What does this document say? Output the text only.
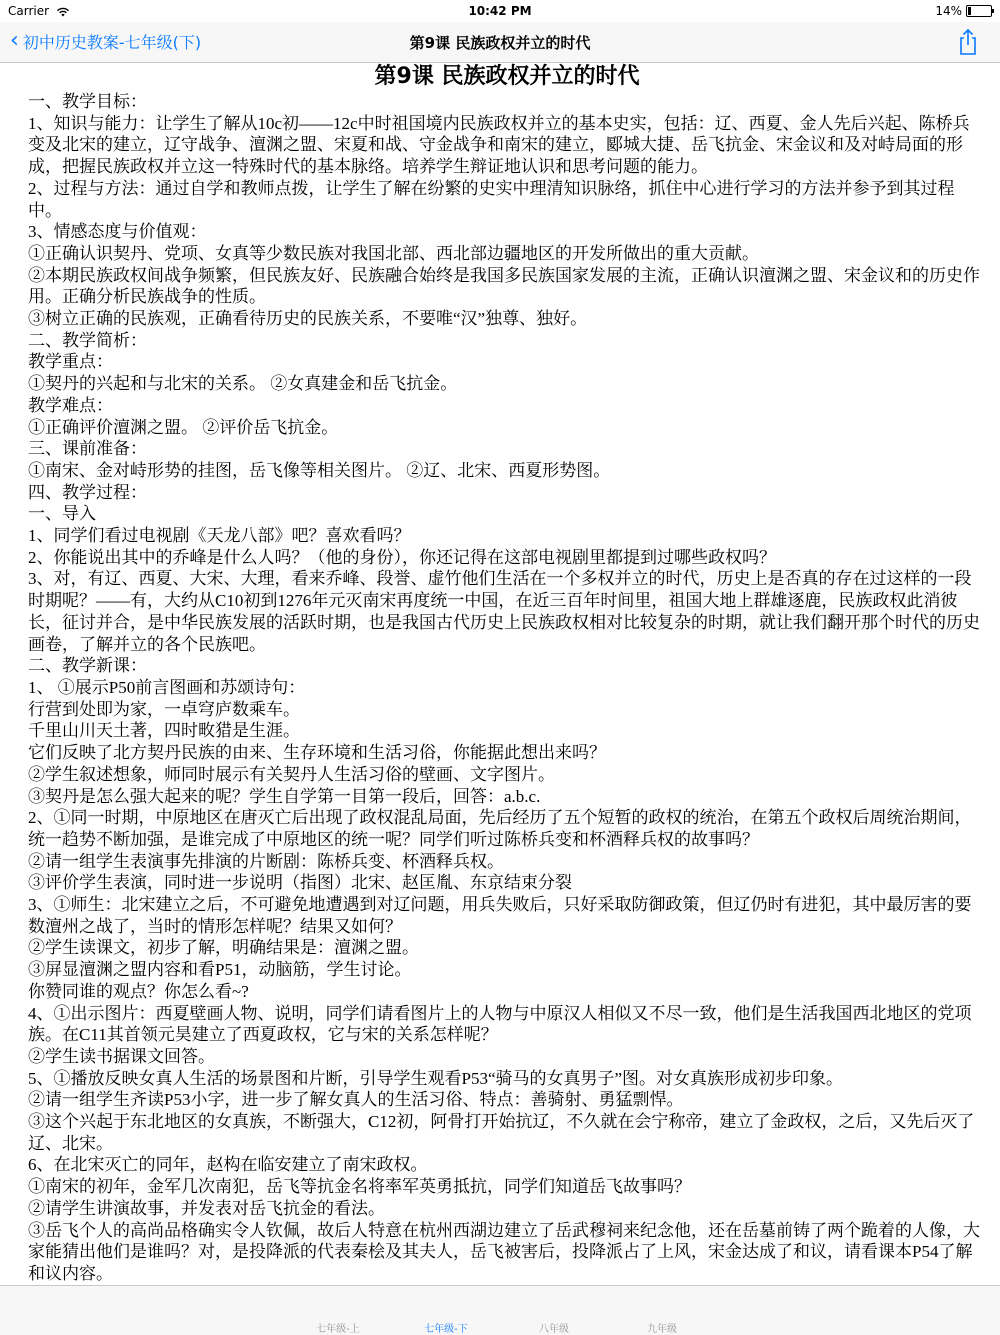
Carrier	10:42 PM	14%
‹ 初中历史教案-七年级(下)	第9课 民族政权并立的时代
第9课 民族政权并立的时代

一、教学目标：

1、知识与能力：让学生了解从10c初——12c中时祖国境内民族政权并立的基本史实，包括：辽、西夏、金人先后兴起、陈桥兵变及北宋的建立，辽守战争、澶渊之盟、宋夏和战、守金战争和南宋的建立，郾城大捷、岳飞抗金、宋金议和及对峙局面的形成，把握民族政权并立这一特殊时代的基本脉络。培养学生辩证地认识和思考问题的能力。

2、过程与方法：通过自学和教师点拨，让学生了解在纷繁的史实中理清知识脉络，抓住中心进行学习的方法并参予到其过程中。

3、情感态度与价值观：

①正确认识契丹、党项、女真等少数民族对我国北部、西北部边疆地区的开发所做出的重大贡献。

②本期民族政权间战争频繁，但民族友好、民族融合始终是我国多民族国家发展的主流，正确认识澶渊之盟、宋金议和的历史作用。正确分析民族战争的性质。

③树立正确的民族观，正确看待历史的民族关系，不要唯“汉”独尊、独好。

二、教学简析：

教学重点：

①契丹的兴起和与北宋的关系。 ②女真建金和岳飞抗金。

教学难点：

①正确评价澶渊之盟。 ②评价岳飞抗金。

三、课前准备：

①南宋、金对峙形势的挂图，岳飞像等相关图片。 ②辽、北宋、西夏形势图。

四、教学过程：

一、导入

1、同学们看过电视剧《天龙八部》吧？喜欢看吗？

2、你能说出其中的乔峰是什么人吗？（他的身份），你还记得在这部电视剧里都提到过哪些政权吗？

3、对，有辽、西夏、大宋、大理，看来乔峰、段誉、虚竹他们生活在一个多权并立的时代，历史上是否真的存在过这样的一段时期呢？——有，大约从C10初到1276年元灭南宋再度统一中国，在近三百年时间里，祖国大地上群雄逐鹿，民族政权此消彼长，征讨并合，是中华民族发展的活跃时期，也是我国古代历史上民族政权相对比较复杂的时期，就让我们翻开那个时代的历史画卷，了解并立的各个民族吧。

二、教学新课：

1、 ①展示P50前言图画和苏颂诗句：

行营到处即为家，一卓穹庐数乘车。

千里山川天土著，四时畋猎是生涯。

它们反映了北方契丹民族的由来、生存环境和生活习俗，你能据此想出来吗？

②学生叙述想象，师同时展示有关契丹人生活习俗的壁画、文字图片。

③契丹是怎么强大起来的呢？学生自学第一目第一段后，回答：a.b.c.

2、①同一时期，中原地区在唐灭亡后出现了政权混乱局面，先后经历了五个短暂的政权的统治，在第五个政权后周统治期间，统一趋势不断加强，是谁完成了中原地区的统一呢？同学们听过陈桥兵变和杯酒释兵权的故事吗？

②请一组学生表演事先排演的片断剧：陈桥兵变、杯酒释兵权。

③评价学生表演，同时进一步说明（指图）北宋、赵匡胤、东京结束分裂

3、①师生：北宋建立之后，不可避免地遭遇到对辽问题，用兵失败后，只好采取防御政策，但辽仍时有进犯，其中最厉害的要数澶州之战了，当时的情形怎样呢？结果又如何？

②学生读课文，初步了解，明确结果是：澶渊之盟。

③屏显澶渊之盟内容和看P51，动脑筋，学生讨论。

你赞同谁的观点？你怎么看~?

4、①出示图片：西夏壁画人物、说明，同学们请看图片上的人物与中原汉人相似又不尽一致，他们是生活我国西北地区的党项族。在C11其首领元昊建立了西夏政权，它与宋的关系怎样呢？

②学生读书据课文回答。

5、①播放反映女真人生活的场景图和片断，引导学生观看P53“骑马的女真男子”图。对女真族形成初步印象。

②请一组学生齐读P53小字，进一步了解女真人的生活习俗、特点：善骑射、勇猛剽悍。

③这个兴起于东北地区的女真族，不断强大，C12初，阿骨打开始抗辽，不久就在会宁称帝，建立了金政权，之后，又先后灭了辽、北宋。

6、在北宋灭亡的同年，赵构在临安建立了南宋政权。

①南宋的初年，金军几次南犯，岳飞等抗金名将率军英勇抵抗，同学们知道岳飞故事吗？

②请学生讲演故事，并发表对岳飞抗金的看法。

③岳飞个人的高尚品格确实令人钦佩，故后人特意在杭州西湖边建立了岳武穆祠来纪念他，还在岳墓前铸了两个跪着的人像，大家能猜出他们是谁吗？对，是投降派的代表秦桧及其夫人，岳飞被害后，投降派占了上风，宋金达成了和议，请看课本P54了解和议内容。

七年级-上	七年级-下	八年级	九年级
